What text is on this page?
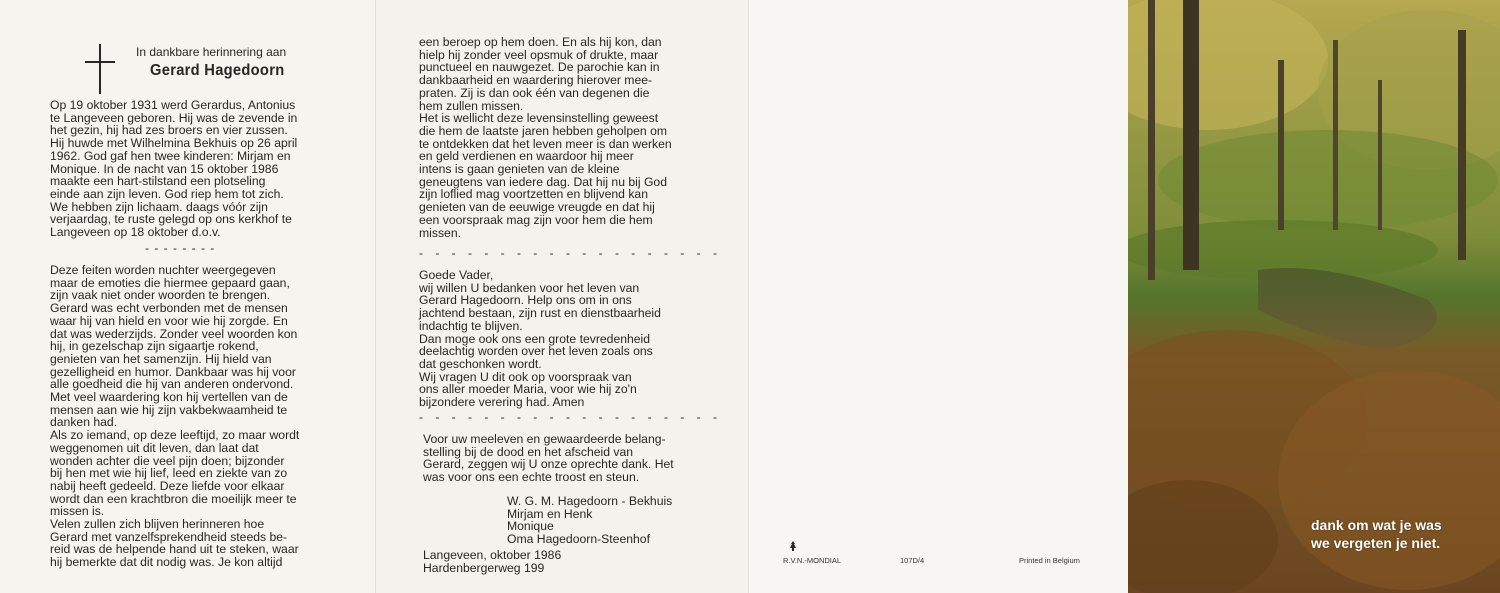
In dankbare herinnering aan
Gerard Hagedoorn
Op 19 oktober 1931 werd Gerardus, Antonius
te Langeveen geboren. Hij was de zevende in
het gezin, hij had zes broers en vier zussen.
Hij huwde met Wilhelmina Bekhuis op 26 april
1962. God gaf hen twee kinderen: Mirjam en
Monique. In de nacht van 15 oktober 1986
maakte een hart-stilstand een plotseling
einde aan zijn leven. God riep hem tot zich.
We hebben zijn lichaam. daags vóór zijn
verjaardag, te ruste gelegd op ons kerkhof te
Langeveen op 18 oktober d.o.v.
- - - - - - - -
Deze feiten worden nuchter weergegeven
maar de emoties die hiermee gepaard gaan,
zijn vaak niet onder woorden te brengen.
Gerard was echt verbonden met de mensen
waar hij van hield en voor wie hij zorgde. En
dat was wederzijds. Zonder veel woorden kon
hij, in gezelschap zijn sigaartje rokend,
genieten van het samenzijn. Hij hield van
gezelligheid en humor. Dankbaar was hij voor
alle goedheid die hij van anderen ondervond.
Met veel waardering kon hij vertellen van de
mensen aan wie hij zijn vakbekwaamheid te
danken had.
Als zo iemand, op deze leeftijd, zo maar wordt
weggenomen uit dit leven, dan laat dat
wonden achter die veel pijn doen; bijzonder
bij hen met wie hij lief, leed en ziekte van zo
nabij heeft gedeeld. Deze liefde voor elkaar
wordt dan een krachtbron die moeilijk meer te
missen is.
Velen zullen zich blijven herinneren hoe
Gerard met vanzelfsprekendheid steeds be-
reid was de helpende hand uit te steken, waar
hij bemerkte dat dit nodig was. Je kon altijd
een beroep op hem doen. En als hij kon, dan
hielp hij zonder veel opsmuk of drukte, maar
punctueel en nauwgezet. De parochie kan in
dankbaarheid en waardering hierover mee-
praten. Zij is dan ook één van degenen die
hem zullen missen.
Het is wellicht deze levensinstelling geweest
die hem de laatste jaren hebben geholpen om
te ontdekken dat het leven meer is dan werken
en geld verdienen en waardoor hij meer
intens is gaan genieten van de kleine
geneugtens van iedere dag. Dat hij nu bij God
zijn loflied mag voortzetten en blijvend kan
genieten van de eeuwige vreugde en dat hij
een voorspraak mag zijn voor hem die hem
missen.
- - - - - - - - - - - - - - - - - - -
Goede Vader,
wij willen U bedanken voor het leven van
Gerard Hagedoorn. Help ons om in ons
jachtend bestaan, zijn rust en dienstbaarheid
indachtig te blijven.
Dan moge ook ons een grote tevredenheid
deelachtig worden over het leven zoals ons
dat geschonken wordt.
Wij vragen U dit ook op voorspraak van
ons aller moeder Maria, voor wie hij zo'n
bijzondere verering had. Amen
- - - - - - - - - - - - - - - - - - -
Voor uw meeleven en gewaardeerde belang-
stelling bij de dood en het afscheid van
Gerard, zeggen wij U onze oprechte dank. Het
was voor ons een echte troost en steun.
W. G. M. Hagedoorn - Bekhuis
Mirjam en Henk
Monique
Oma Hagedoorn-Steenhof
Langeveen, oktober 1986
Hardenbergerweg 199
R.V.N.-MONDIAL	107D/4	Printed in Belgium
dank om wat je was
we vergeten je niet.
